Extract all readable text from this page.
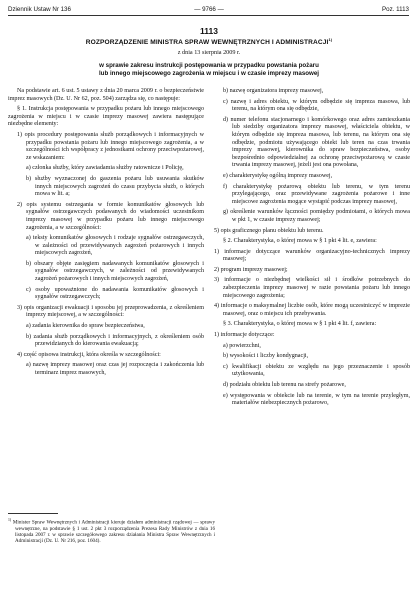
Dziennik Ustaw Nr 136	— 9766 —	Poz. 1113
1113
ROZPORZĄDZENIE MINISTRA SPRAW WEWNĘTRZNYCH I ADMINISTRACJI$^{1)}$
z dnia 13 sierpnia 2009 r.
w sprawie zakresu instrukcji postępowania w przypadku powstania pożaru
lub innego miejscowego zagrożenia w miejscu i w czasie imprezy masowej

Na podstawie art. 6 ust. 5 ustawy z dnia 20 marca 2009 r. o bezpieczeństwie imprez masowych (Dz. U. Nr 62, poz. 504) zarządza się, co następuje:

§ 1. Instrukcja postępowania w przypadku pożaru lub innego miejscowego zagrożenia w miejscu i w czasie imprezy masowej zawiera następujące niezbędne elementy:

1) opis procedury postępowania służb porządkowych i informacyjnych w przypadku powstania pożaru lub innego miejscowego zagrożenia, a w szczególności ich współpracy z jednostkami ochrony przeciwpożarowej, ze wskazaniem:

a) członka służby, który zawiadamia służby ratownicze i Policję,

b) służby wyznaczonej do gaszenia pożaru lub usuwania skutków innych miejscowych zagrożeń do czasu przybycia służb, o których mowa w lit. a;

2) opis systemu ostrzegania w formie komunikatów głosowych lub sygnałów ostrzegawczych podawanych do wiadomości uczestnikom imprezy masowej w przypadku pożaru lub innego miejscowego zagrożenia, a w szczególności:

a) teksty komunikatów głosowych i rodzaje sygnałów ostrzegawczych, w zależności od przewidywanych zagrożeń pożarowych i innych miejscowych zagrożeń,

b) obszary objęte zasięgiem nadawanych komunikatów głosowych i sygnałów ostrzegawczych, w zależności od przewidywanych zagrożeń pożarowych i innych miejscowych zagrożeń,

c) osoby upoważnione do nadawania komunikatów głosowych i sygnałów ostrzegawczych;

3) opis organizacji ewakuacji i sposobu jej przeprowadzenia, z określeniem imprezy miejscowej, a w szczególności:

a) zadania kierownika do spraw bezpieczeństwa,

b) zadania służb porządkowych i informacyjnych, z określeniem osób przewidzianych do kierowania ewakuacją;

4) część opisowa instrukcji, która określa w szczególności:

a) nazwę imprezy masowej oraz czas jej rozpoczęcia i zakończenia lub terminarz imprez masowych,

b) nazwę organizatora imprezy masowej,

c) nazwę i adres obiektu, w którym odbędzie się impreza masowa, lub terenu, na którym ona się odbędzie,

d) numer telefonu stacjonarnego i komórkowego oraz adres zamieszkania lub siedziby organizatora imprezy masowej, właściciela obiektu, w którym odbędzie się impreza masowa, lub terenu, na którym ona się odbędzie, podmiotu używającego obiekt lub teren na czas trwania imprezy masowej, kierownika do spraw bezpieczeństwa, osoby bezpośrednio odpowiedzialnej za ochronę przeciwpożarową w czasie trwania imprezy masowej, jeżeli jest ona powołana,

e) charakterystykę ogólną imprezy masowej,

f) charakterystykę pożarową obiektu lub terenu, w tym terenu przylegającego, oraz przewidywane zagrożenia pożarowe i inne miejscowe zagrożenia mogące wystąpić podczas imprezy masowej,

g) określenie warunków łączności pomiędzy podmiotami, o których mowa w pkt 1, w czasie imprezy masowej;

5) opis graficznego planu obiektu lub terenu.

§ 2. Charakterystyka, o której mowa w § 1 pkt 4 lit. e, zawiera:

1) informacje dotyczące warunków organizacyjno-technicznych imprezy masowej;

2) program imprezy masowej;

3) informacje o niezbędnej wielkości sił i środków potrzebnych do zabezpieczenia imprezy masowej w razie powstania pożaru lub innego miejscowego zagrożenia;

4) informacje o maksymalnej liczbie osób, które mogą uczestniczyć w imprezie masowej, oraz o miejscu ich przebywania.

§ 3. Charakterystyka, o której mowa w § 1 pkt 4 lit. f, zawiera:

1) informacje dotyczące:

a) powierzchni,

b) wysokości i liczby kondygnacji,

c) kwalifikacji obiektu ze względu na jego przeznaczenie i sposób użytkowania,

d) podziału obiektu lub terenu na strefy pożarowe,

e) występowania w obiekcie lub na terenie, w tym na terenie przyległym, materiałów niebezpiecznych pożarowo,

$^{1)}$ Minister Spraw Wewnętrznych i Administracji kieruje działem administracji rządowej — sprawy wewnętrzne, na podstawie § 1 ust. 2 pkt 3 rozporządzenia Prezesa Rady Ministrów z dnia 16 listopada 2007 r. w sprawie szczegółowego zakresu działania Ministra Spraw Wewnętrznych i Administracji (Dz. U. Nr 216, poz. 1604).
